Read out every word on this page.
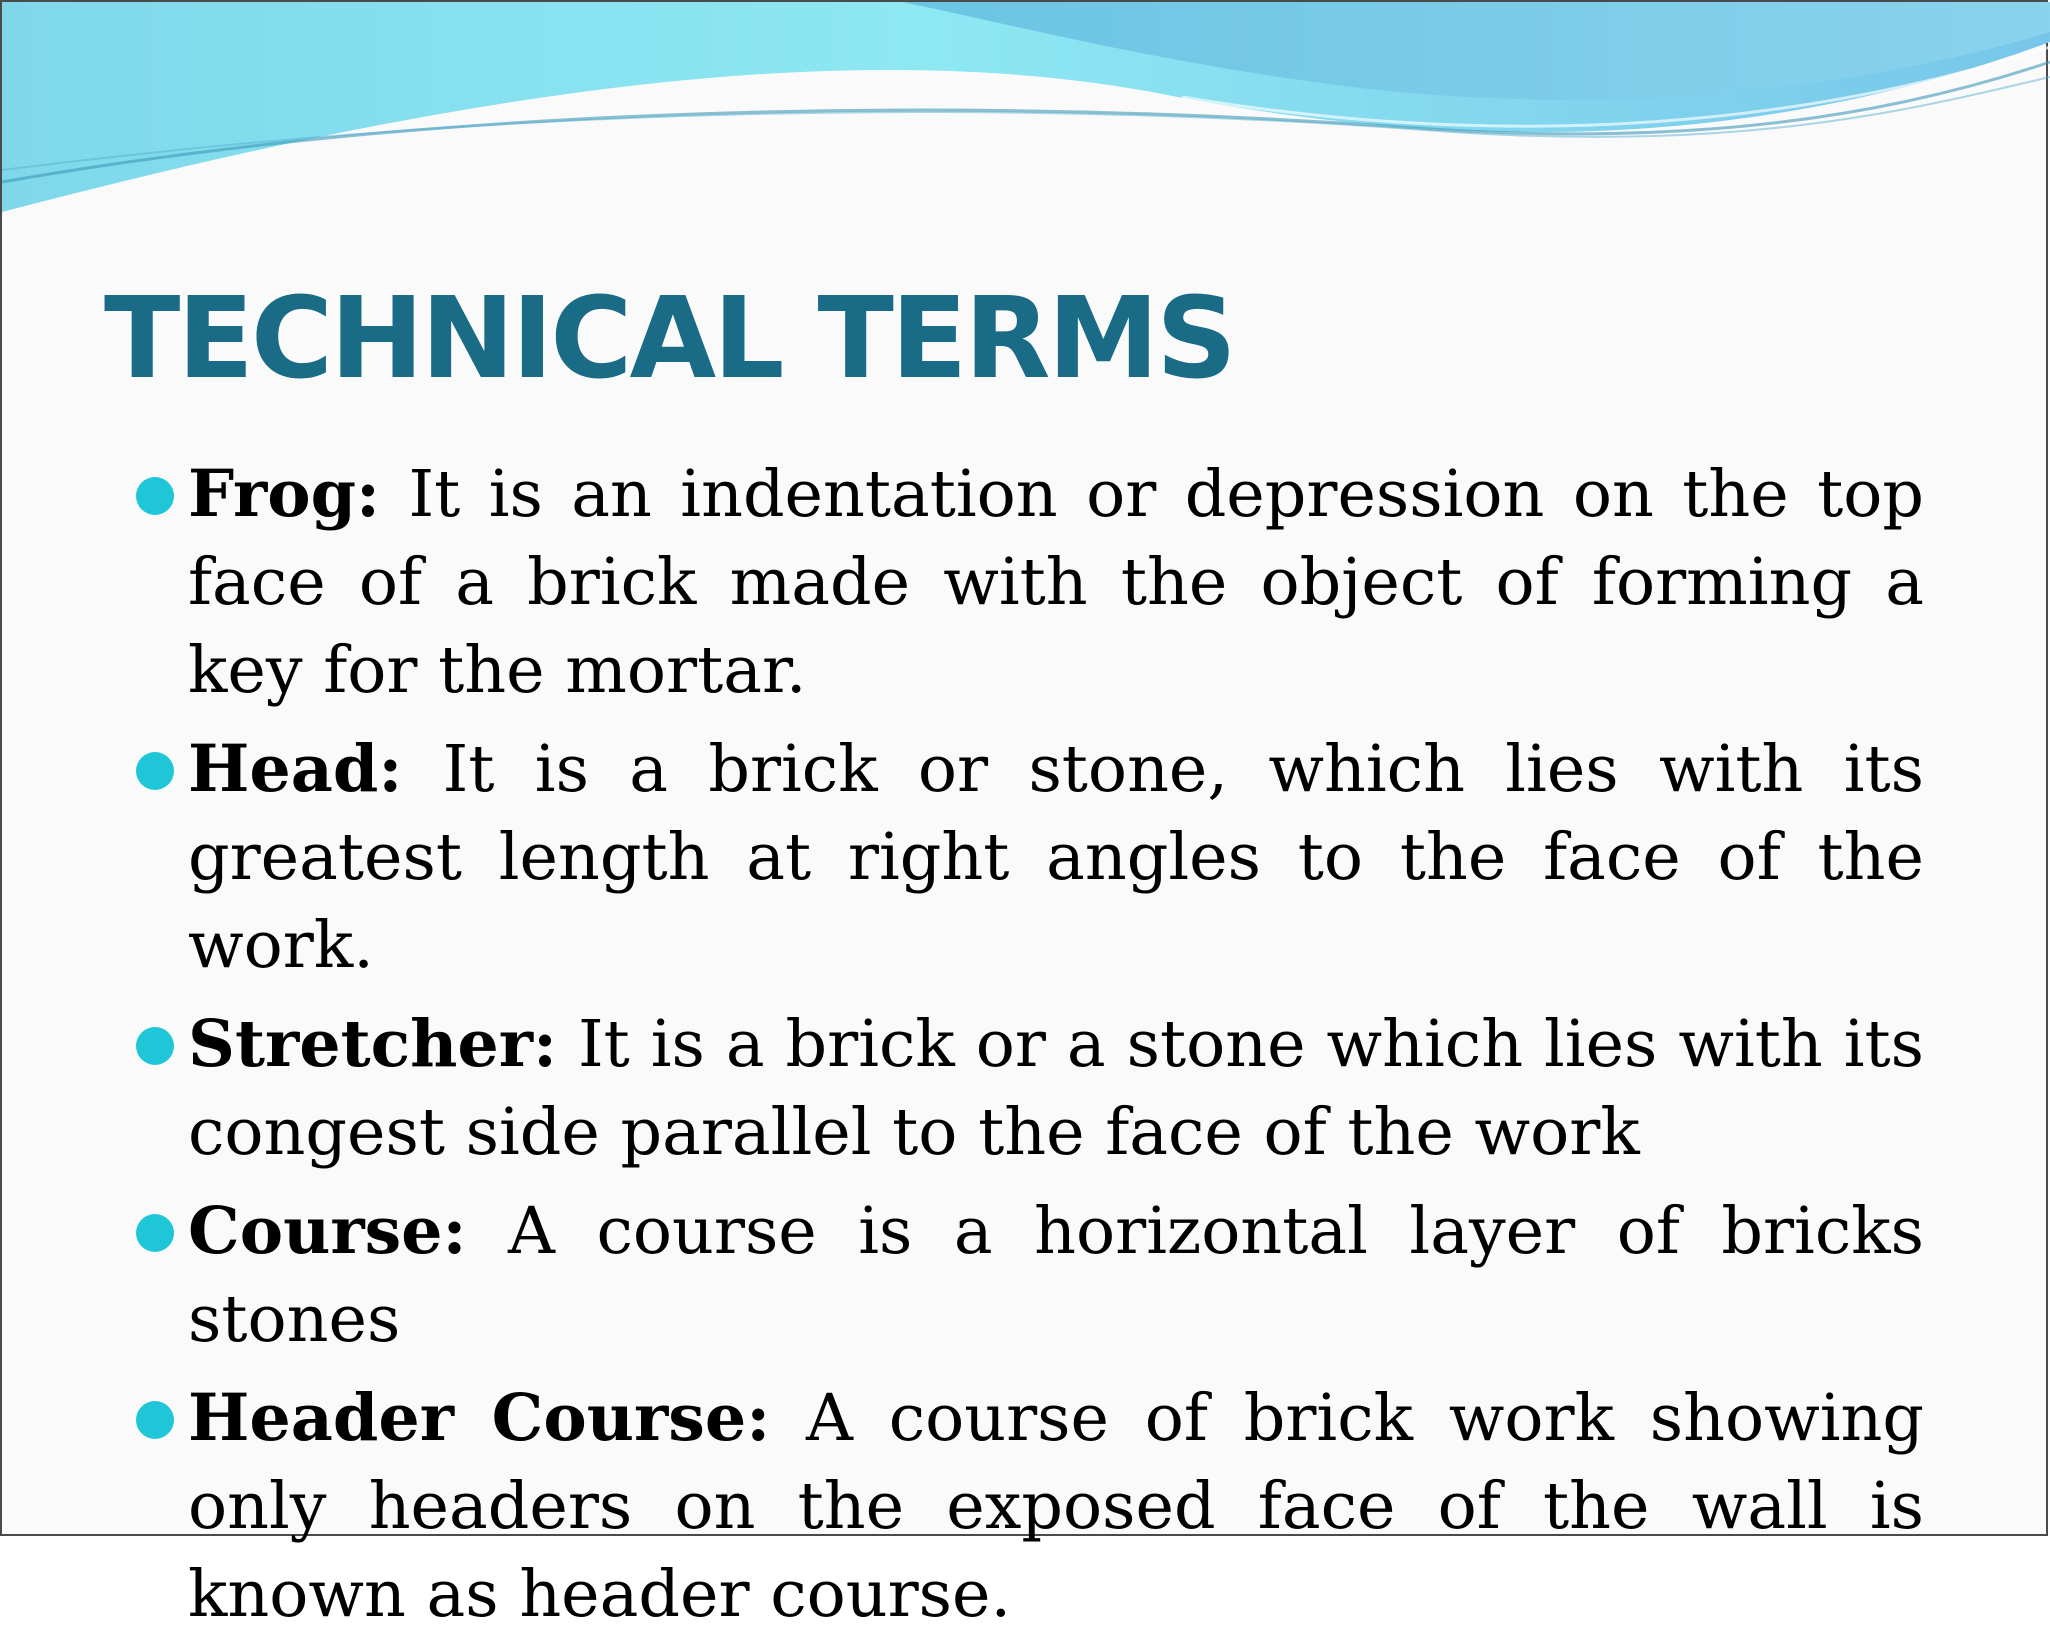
TECHNICAL TERMS
Frog: It is an indentation or depression on the top face of a brick made with the object of forming a key for the mortar.
Head: It is a brick or stone, which lies with its greatest length at right angles to the face of the work.
Stretcher: It is a brick or a stone which lies with its congest side parallel to the face of the work
Course: A course is a horizontal layer of bricks stones
Header Course: A course of brick work showing only headers on the exposed face of the wall is known as header course.
